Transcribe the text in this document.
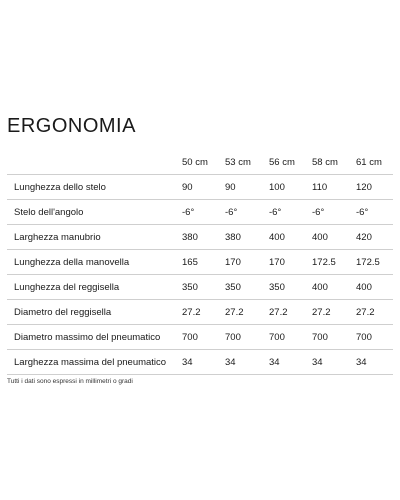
ERGONOMIA
50 cm 53 cm 56 cm 58 cm 61 cm
Lunghezza dello stelo	90	90	100	110	120
Stelo dell'angolo	-6°	-6°	-6°	-6°	-6°
Larghezza manubrio	380	380	400	400	420
Lunghezza della manovella	165	170	170	172.5 172.5
Lunghezza del reggisella	350	350	350	400	400
Diametro del reggisella	27.2	27.2	27.2	27.2	27.2
Diametro massimo del pneumatico 700	700	700	700	700
Larghezza massima del pneumatico 34	34	34	34	34
Tutti i dati sono espressi in millimetri o gradi
